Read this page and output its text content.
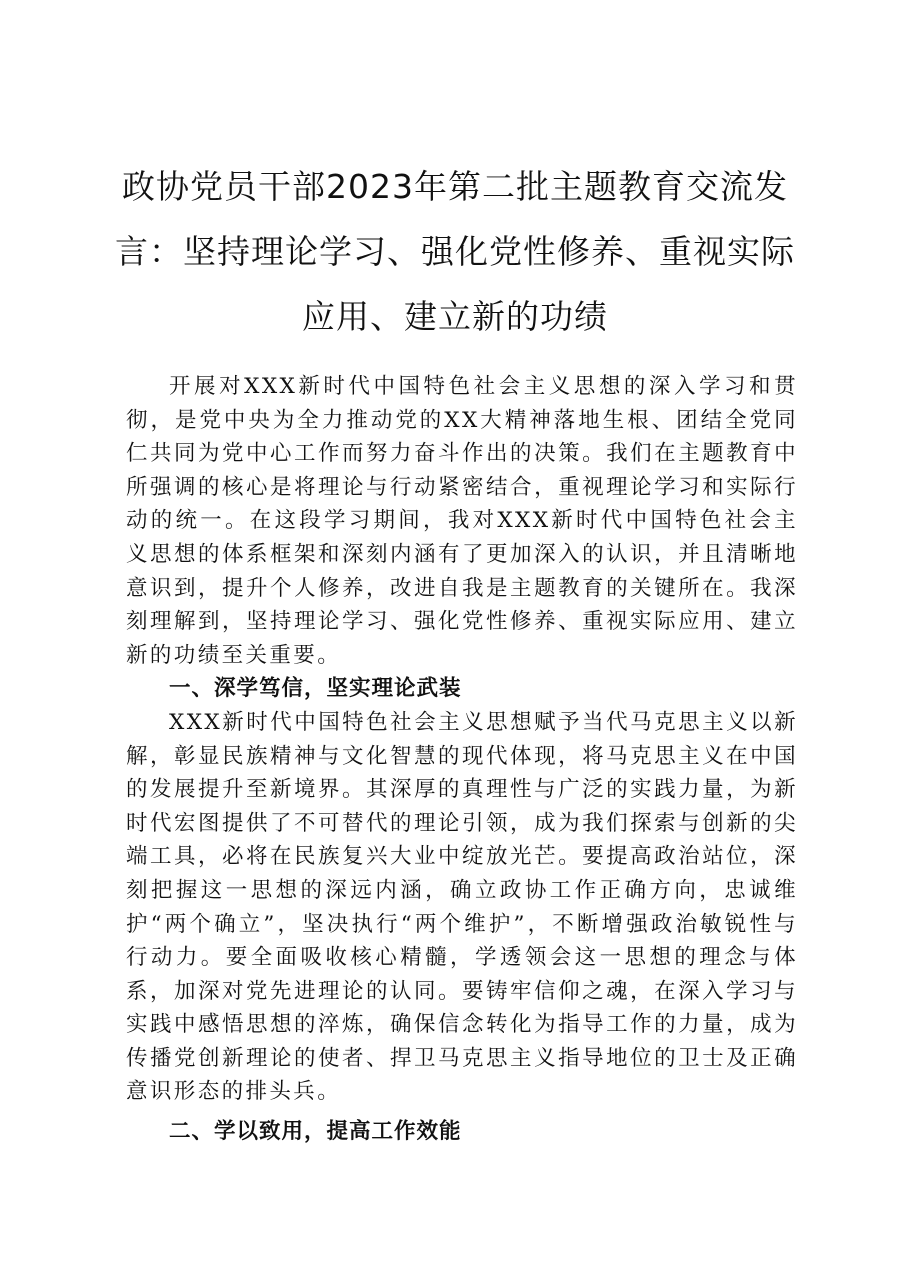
政协党员干部2023年第二批主题教育交流发言：坚持理论学习、强化党性修养、重视实际应用、建立新的功绩

开展对XXX新时代中国特色社会主义思想的深入学习和贯彻，是党中央为全力推动党的XX大精神落地生根、团结全党同仁共同为党中心工作而努力奋斗作出的决策。我们在主题教育中所强调的核心是将理论与行动紧密结合，重视理论学习和实际行动的统一。在这段学习期间，我对XXX新时代中国特色社会主义思想的体系框架和深刻内涵有了更加深入的认识，并且清晰地意识到，提升个人修养，改进自我是主题教育的关键所在。我深刻理解到，坚持理论学习、强化党性修养、重视实际应用、建立新的功绩至关重要。

一、深学笃信，坚实理论武装

XXX新时代中国特色社会主义思想赋予当代马克思主义以新解，彰显民族精神与文化智慧的现代体现，将马克思主义在中国的发展提升至新境界。其深厚的真理性与广泛的实践力量，为新时代宏图提供了不可替代的理论引领，成为我们探索与创新的尖端工具，必将在民族复兴大业中绽放光芒。要提高政治站位，深刻把握这一思想的深远内涵，确立政协工作正确方向，忠诚维护“两个确立”，坚决执行“两个维护”，不断增强政治敏锐性与行动力。要全面吸收核心精髓，学透领会这一思想的理念与体系，加深对党先进理论的认同。要铸牢信仰之魂，在深入学习与实践中感悟思想的淬炼，确保信念转化为指导工作的力量，成为传播党创新理论的使者、捍卫马克思主义指导地位的卫士及正确意识形态的排头兵。

二、学以致用，提高工作效能
